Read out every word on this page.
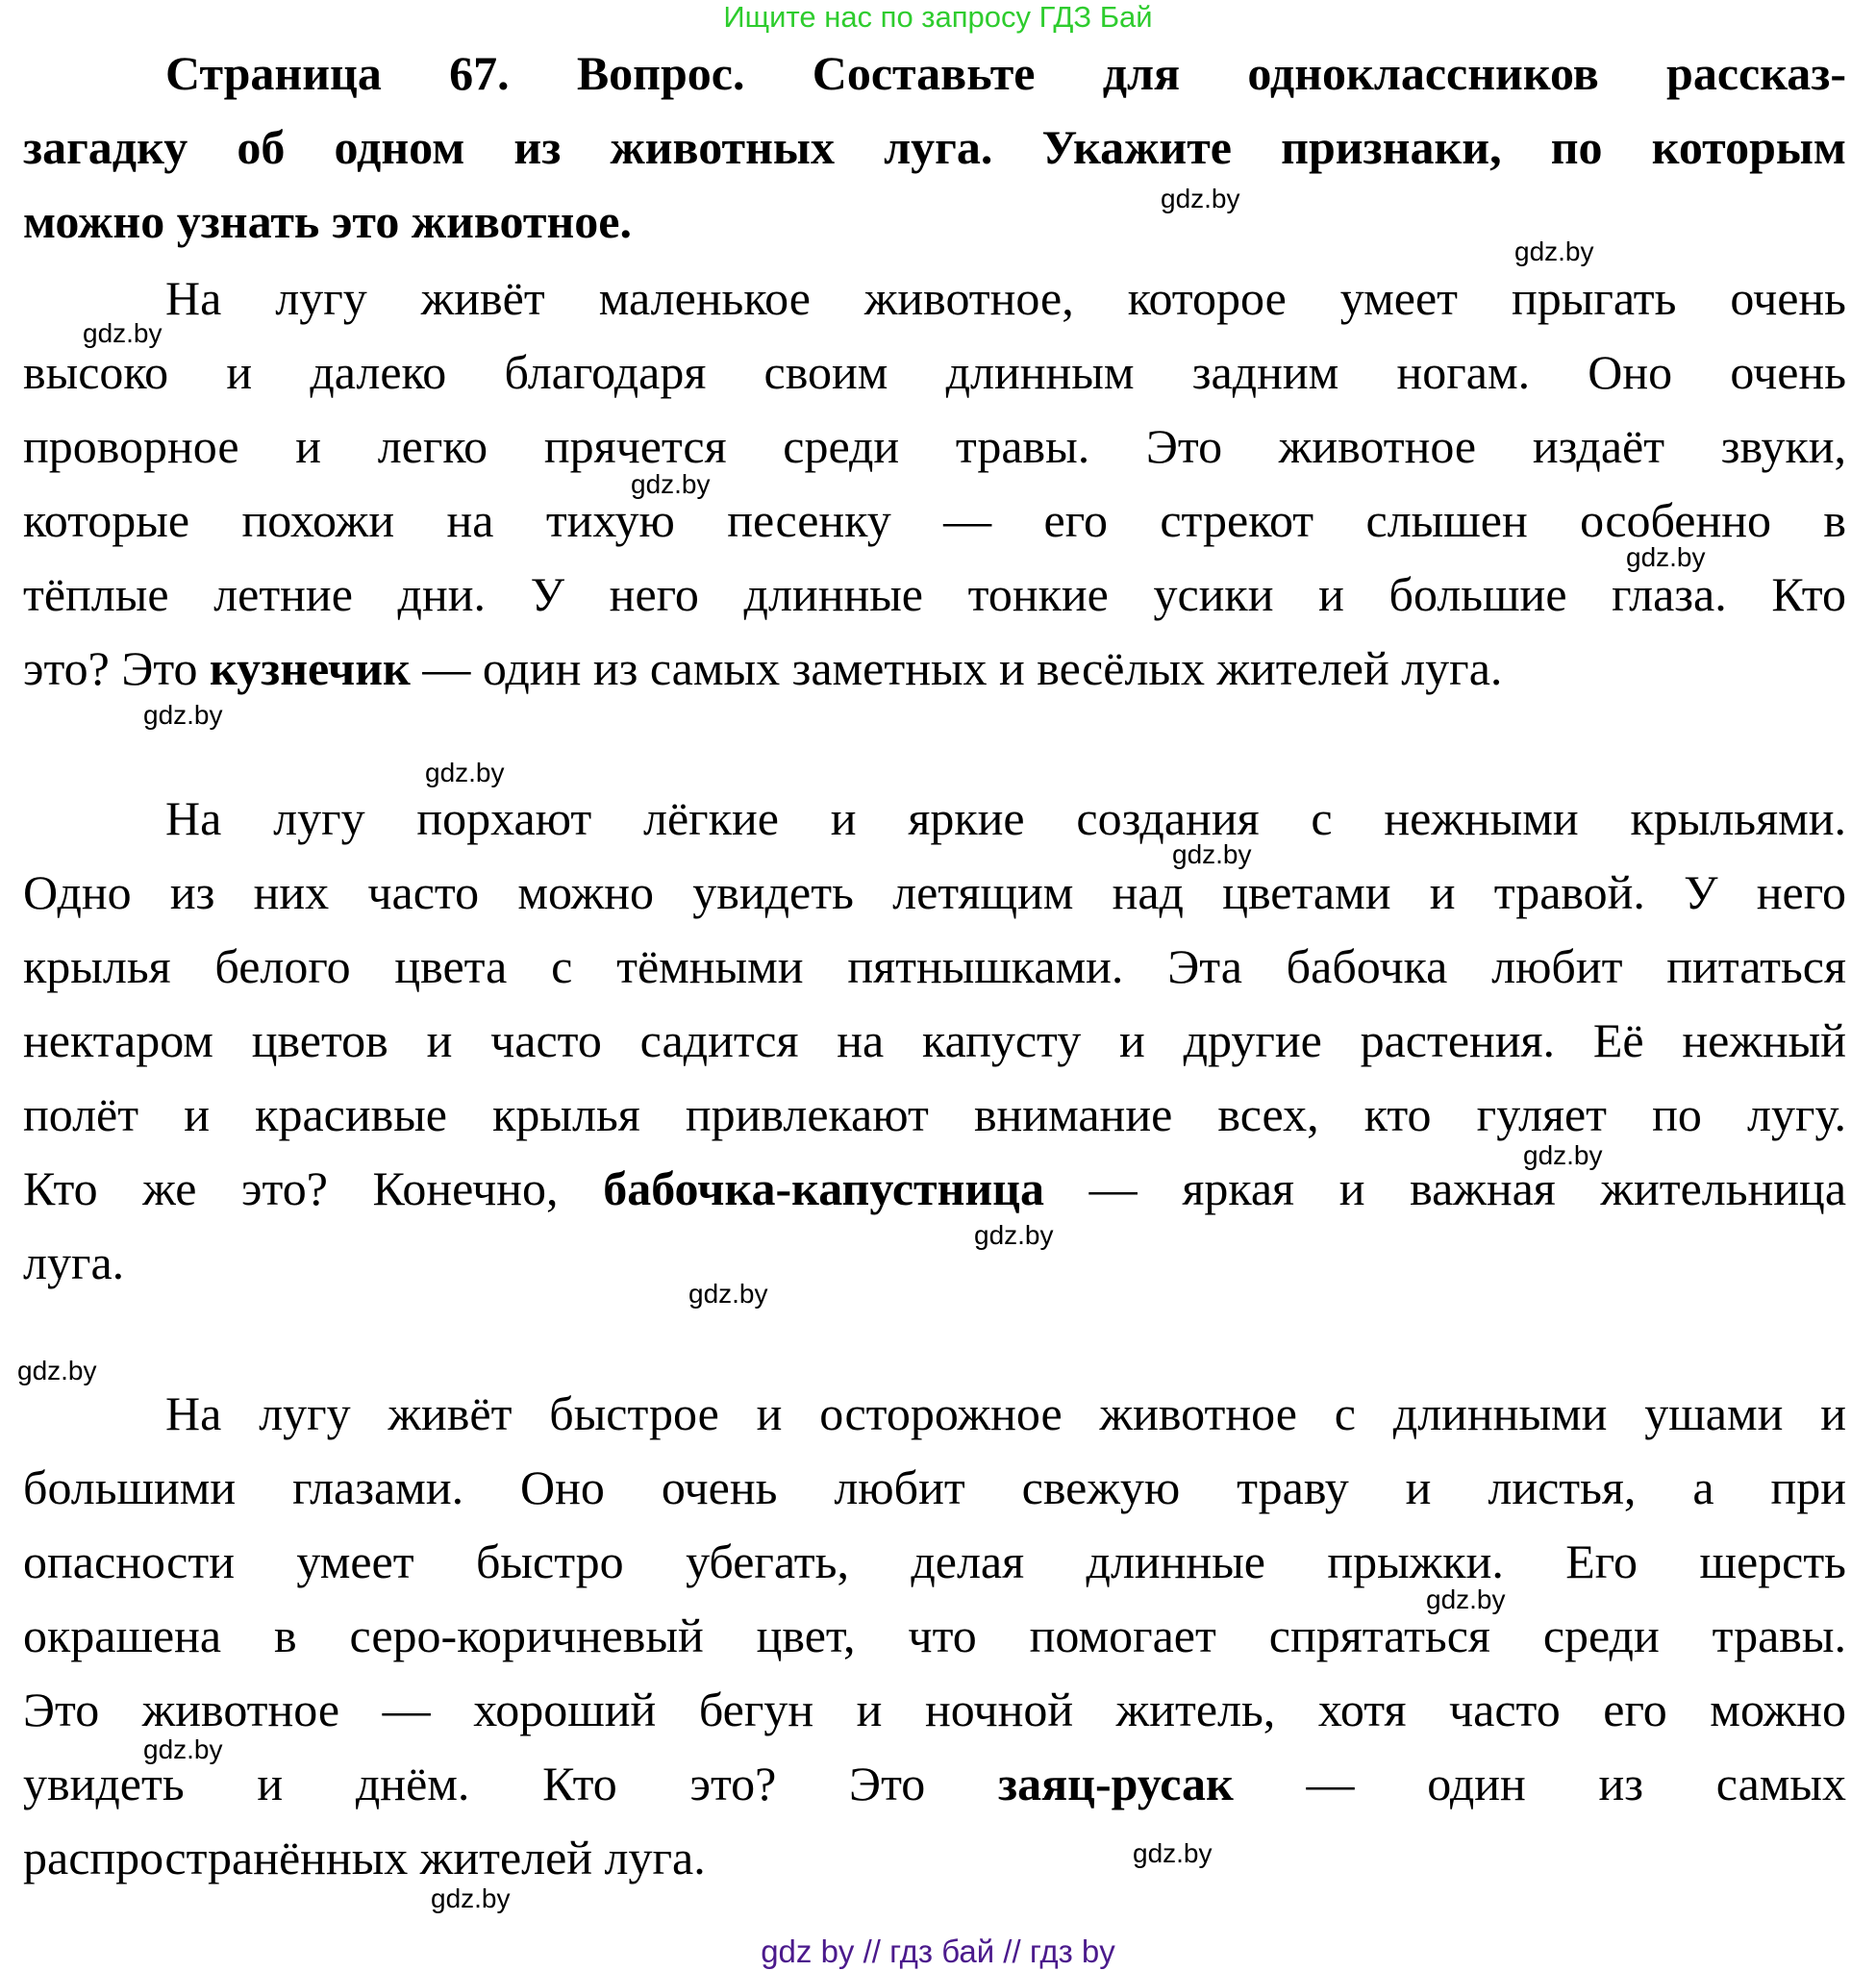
Ищите нас по запросу ГДЗ Бай
Страница 67. Вопрос. Составьте для одноклассников рассказ-
загадку об одном из животных луга. Укажите признаки, по которым
можно узнать это животное.
На лугу живёт маленькое животное, которое умеет прыгать очень
высоко и далеко благодаря своим длинным задним ногам. Оно очень
проворное и легко прячется среди травы. Это животное издаёт звуки,
которые похожи на тихую песенку — его стрекот слышен особенно в
тёплые летние дни. У него длинные тонкие усики и большие глаза. Кто
это? Это кузнечик — один из самых заметных и весёлых жителей луга.
На лугу порхают лёгкие и яркие создания с нежными крыльями.
Одно из них часто можно увидеть летящим над цветами и травой. У него
крылья белого цвета с тёмными пятнышками. Эта бабочка любит питаться
нектаром цветов и часто садится на капусту и другие растения. Её нежный
полёт и красивые крылья привлекают внимание всех, кто гуляет по лугу.
Кто же это? Конечно, бабочка-капустница — яркая и важная жительница
луга.
На лугу живёт быстрое и осторожное животное с длинными ушами и
большими глазами. Оно очень любит свежую траву и листья, а при
опасности умеет быстро убегать, делая длинные прыжки. Его шерсть
окрашена в серо-коричневый цвет, что помогает спрятаться среди травы.
Это животное — хороший бегун и ночной житель, хотя часто его можно
увидеть и днём. Кто это? Это заяц-русак — один из самых
распространённых жителей луга.
gdz.by
gdz.by
gdz.by
gdz.by
gdz.by
gdz.by
gdz.by
gdz.by
gdz.by
gdz.by
gdz.by
gdz.by
gdz.by
gdz.by
gdz.by
gdz.by
gdz by // гдз бай // гдз by
